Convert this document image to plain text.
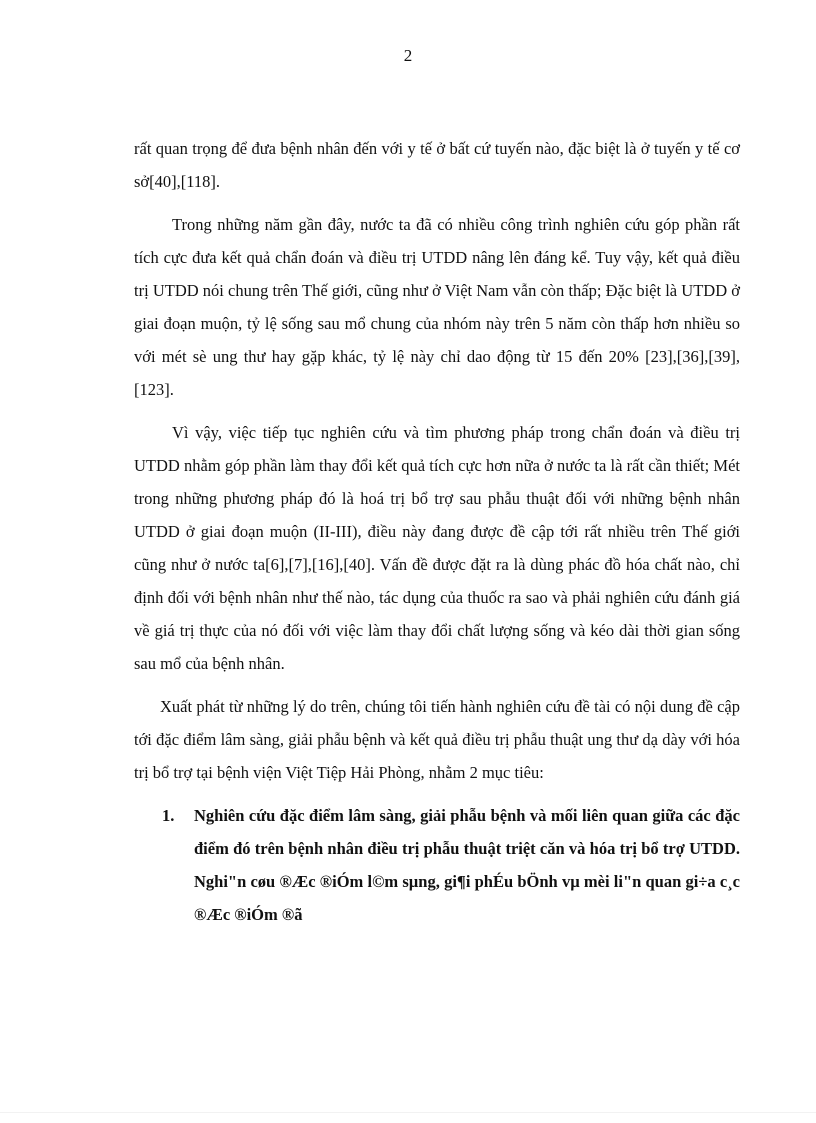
2

rất quan trọng để đưa bệnh nhân đến với y tế ở bất cứ tuyến nào, đặc biệt là ở tuyến y tế cơ sở[40],[118].

Trong những năm gần đây, nước ta đã có nhiều công trình nghiên cứu góp phần rất tích cực đưa kết quả chẩn đoán và điều trị UTDD nâng lên đáng kể. Tuy vậy, kết quả điều trị UTDD nói chung trên Thế giới, cũng như ở Việt Nam vẫn còn thấp; Đặc biệt là UTDD ở giai đoạn muộn, tỷ lệ sống sau mổ chung của nhóm này trên 5 năm còn thấp hơn nhiều so với mét sè ung thư hay gặp khác, tỷ lệ này chỉ dao động từ 15 đến 20% [23],[36],[39], [123].

Vì vậy, việc tiếp tục nghiên cứu và tìm phương pháp trong chẩn đoán và điều trị UTDD nhằm góp phần làm thay đổi kết quả tích cực hơn nữa ở nước ta là rất cần thiết; Mét trong những phương pháp đó là hoá trị bổ trợ sau phẫu thuật đối với những bệnh nhân UTDD ở giai đoạn muộn (II-III), điều này đang được đề cập tới rất nhiều trên Thế giới cũng như ở nước ta[6],[7],[16],[40]. Vấn đề được đặt ra là dùng phác đồ hóa chất nào, chỉ định đối với bệnh nhân như thế nào, tác dụng của thuốc ra sao và phải nghiên cứu đánh giá về giá trị thực của nó đối với việc làm thay đổi chất lượng sống và kéo dài thời gian sống sau mổ của bệnh nhân.

Xuất phát từ những lý do trên, chúng tôi tiến hành nghiên cứu đề tài có nội dung đề cập tới đặc điểm lâm sàng, giải phẫu bệnh và kết quả điều trị phẫu thuật ung thư dạ dày với hóa trị bổ trợ tại bệnh viện Việt Tiệp Hải Phòng, nhằm 2 mục tiêu:

1. Nghiên cứu đặc điểm lâm sàng, giải phẫu bệnh và mối liên quan giữa các đặc điểm đó trên bệnh nhân điều trị phẫu thuật triệt căn và hóa trị bổ trợ UTDD. Nghi"n cøu ®Æc ®iÓm l©m sµng, gi¶i phÉu bÖnh vµ mèi li"n quan gi÷a c¸c ®Æc ®iÓm ®ã
